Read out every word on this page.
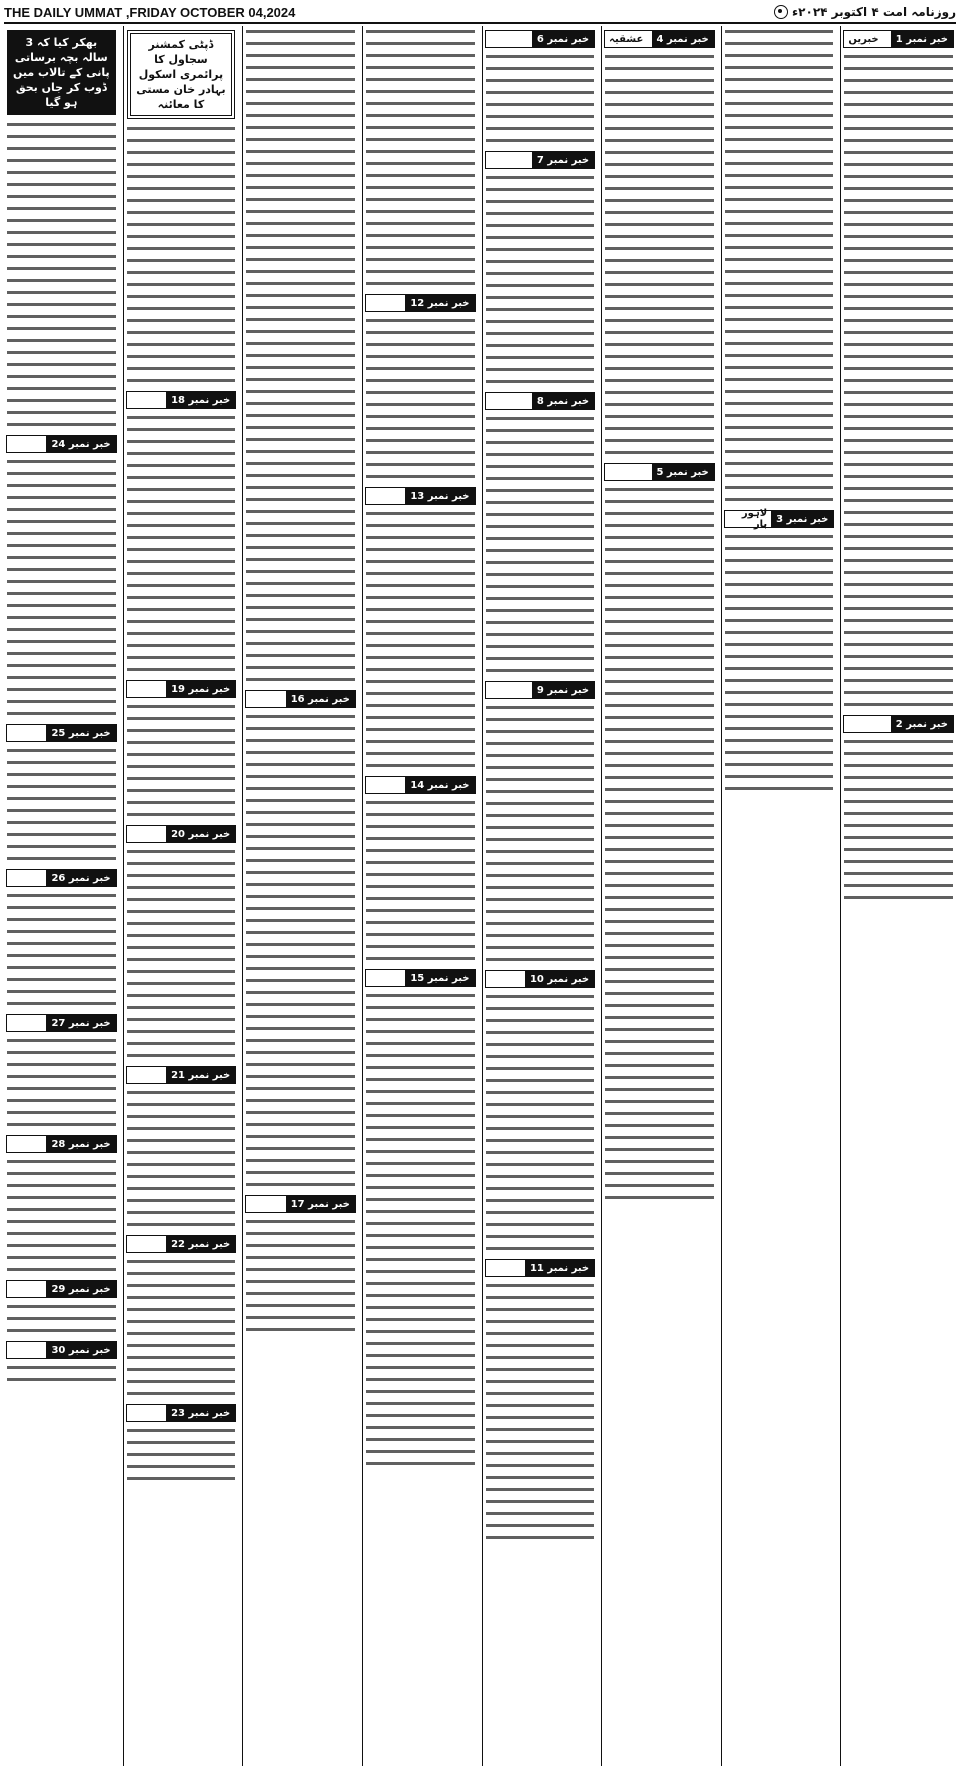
THE DAILY UMMAT ,FRIDAY OCTOBER 04,2024	روزنامہ امت ۴ اکتوبر ۲۰۲۴ء
خبر نمبر 1
خبریں
خبر نمبر 2
خبر نمبر 3
لاہور بار
خبر نمبر 4
عشقیہ
خبر نمبر 5
خبر نمبر 6
خبر نمبر 7
خبر نمبر 8
خبر نمبر 9
خبر نمبر 10
خبر نمبر 11
خبر نمبر 12
خبر نمبر 13
خبر نمبر 14
خبر نمبر 15
خبر نمبر 16
خبر نمبر 17
ڈپٹی کمشنر سجاول کا پرائمری اسکول بہادر خان مستی کا معائنہ
خبر نمبر 18
خبر نمبر 19
خبر نمبر 20
خبر نمبر 21
خبر نمبر 22
خبر نمبر 23
بھکر کیا کہ 3 سالہ بچہ برساتی پانی کے تالاب میں ڈوب کر جاں بحق ہو گیا
خبر نمبر 24
خبر نمبر 25
خبر نمبر 26
خبر نمبر 27
خبر نمبر 28
خبر نمبر 29
خبر نمبر 30
